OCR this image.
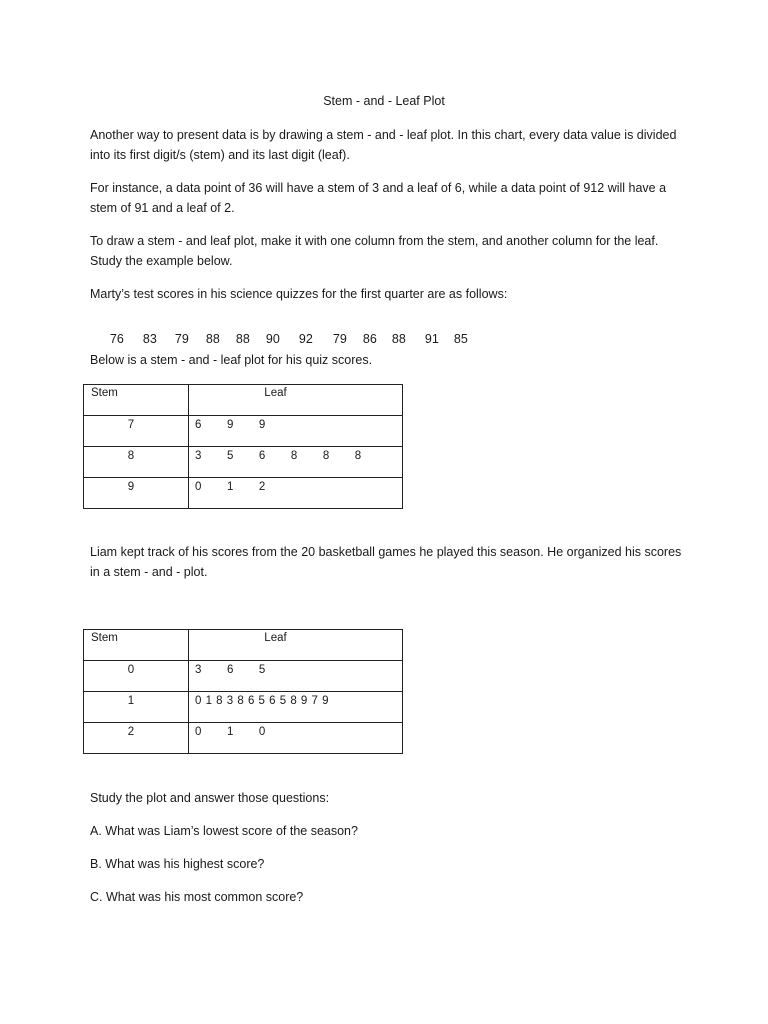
Stem - and - Leaf Plot

Another way to present data is by drawing a stem - and - leaf plot. In this chart, every data value is divided into its first digit/s (stem) and its last digit (leaf).

For instance, a data point of 36 will have a stem of 3 and a leaf of 6, while a data point of 912 will have a stem of 91 and a leaf of 2.

To draw a stem - and leaf plot, make it with one column from the stem, and another column for the leaf. Study the example below.

Marty’s test scores in his science quizzes for the first quarter are as follows:

76 83 79 88 88 90 92 79 86 88 91 85

Below is a stem - and - leaf plot for his quiz scores.

Stem	Leaf

7	6        9        9

8	3        5        6        8        8        8

9	0        1        2

Liam kept track of his scores from the 20 basketball games he played this season. He organized his scores in a stem - and - plot.

Stem	Leaf

0	3        6        5

1	0 1 8 3 8 6 5 6 5 8 9 7 9

2	0        1        0

Study the plot and answer those questions:

A. What was Liam’s lowest score of the season?

B. What was his highest score?

C. What was his most common score?
